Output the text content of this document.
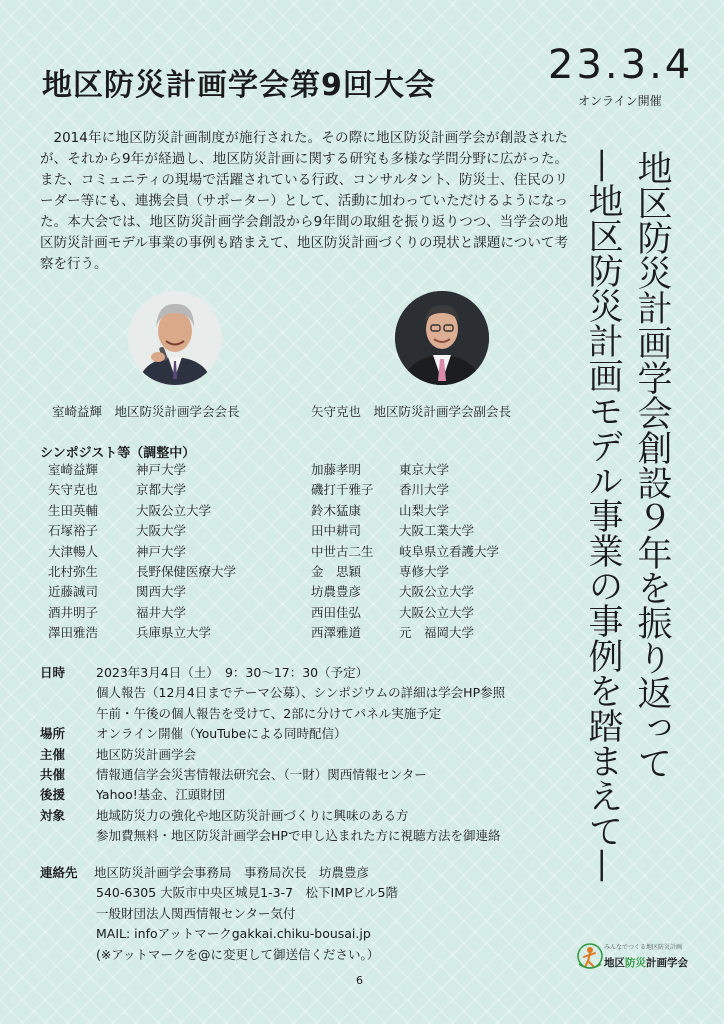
地区防災計画学会第9回大会	23.3.4
オンライン開催
2014年に地区防災計画制度が施行された。その際に地区防災計画学会が創設されたが、それから9年が経過し、地区防災計画に関する研究も多様な学問分野に広がった。また、コミュニティの現場で活躍されている行政、コンサルタント、防災士、住民のリーダー等にも、連携会員（サポーター）として、活動に加わっていただけるようになった。本大会では、地区防災計画学会創設から9年間の取組を振り返りつつ、当学会の地区防災計画モデル事業の事例も踏まえて、地区防災計画づくりの現状と課題について考察を行う。	地区防災計画学会創設９年を振り返って
—地区防災計画モデル事業の事例を踏まえて—
室崎益輝　地区防災計画学会会長	矢守克也　地区防災計画学会副会長
シンポジスト等（調整中）
室崎益輝	神戸大学
矢守克也	京都大学
生田英輔	大阪公立大学
石塚裕子	大阪大学
大津暢人	神戸大学
北村弥生	長野保健医療大学
近藤誠司	関西大学
酒井明子	福井大学
澤田雅浩	兵庫県立大学
加藤孝明	東京大学
磯打千雅子	香川大学
鈴木猛康	山梨大学
田中耕司	大阪工業大学
中世古二生	岐阜県立看護大学
金　思穎	専修大学
坊農豊彦	大阪公立大学
西田佳弘	大阪公立大学
西澤雅道	元　福岡大学
日時	2023年3月4日（土）　9：30〜17：30（予定）
個人報告（12月4日までテーマ公募）、シンポジウムの詳細は学会HP参照
午前・午後の個人報告を受けて、2部に分けてパネル実施予定
場所	オンライン開催（YouTubeによる同時配信）
主催	地区防災計画学会
共催	情報通信学会災害情報法研究会、（一財）関西情報センター
後援	Yahoo!基金、江頭財団
対象	地域防災力の強化や地区防災計画づくりに興味のある方
参加費無料・地区防災計画学会HPで申し込まれた方に視聴方法を御連絡
連絡先 地区防災計画学会事務局　事務局次長　坊農豊彦
540-6305 大阪市中央区城見1-3-7　松下IMPビル5階
一般財団法人関西情報センター気付
MAIL: infoアットマークgakkai.chiku-bousai.jp
(※アットマークを@に変更して御送信ください。）
6
みんなでつくる地区防災計画
地区防災計画学会
